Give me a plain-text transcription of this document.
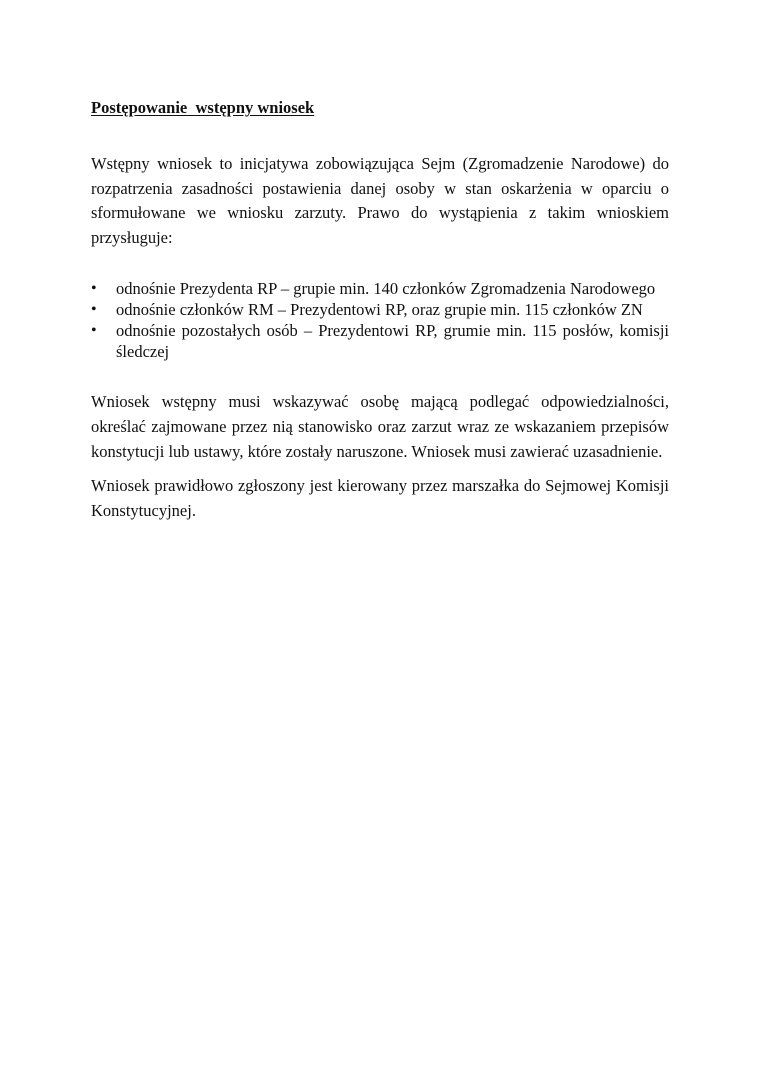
Postępowanie  wstępny wniosek

Wstępny wniosek to inicjatywa zobowiązująca Sejm (Zgromadzenie Narodowe) do rozpatrzenia zasadności postawienia danej osoby w stan oskarżenia w oparciu o sformułowane we wniosku zarzuty. Prawo do wystąpienia z takim wnioskiem przysługuje:

• odnośnie Prezydenta RP – grupie min. 140 członków Zgromadzenia Narodowego
• odnośnie członków RM – Prezydentowi RP, oraz grupie min. 115 członków ZN
• odnośnie pozostałych osób – Prezydentowi RP, grumie min. 115 posłów, komisji śledczej

Wniosek wstępny musi wskazywać osobę mającą podlegać odpowiedzialności, określać zajmowane przez nią stanowisko oraz zarzut wraz ze wskazaniem przepisów konstytucji lub ustawy, które zostały naruszone. Wniosek musi zawierać uzasadnienie.

Wniosek prawidłowo zgłoszony jest kierowany przez marszałka do Sejmowej Komisji Konstytucyjnej.
